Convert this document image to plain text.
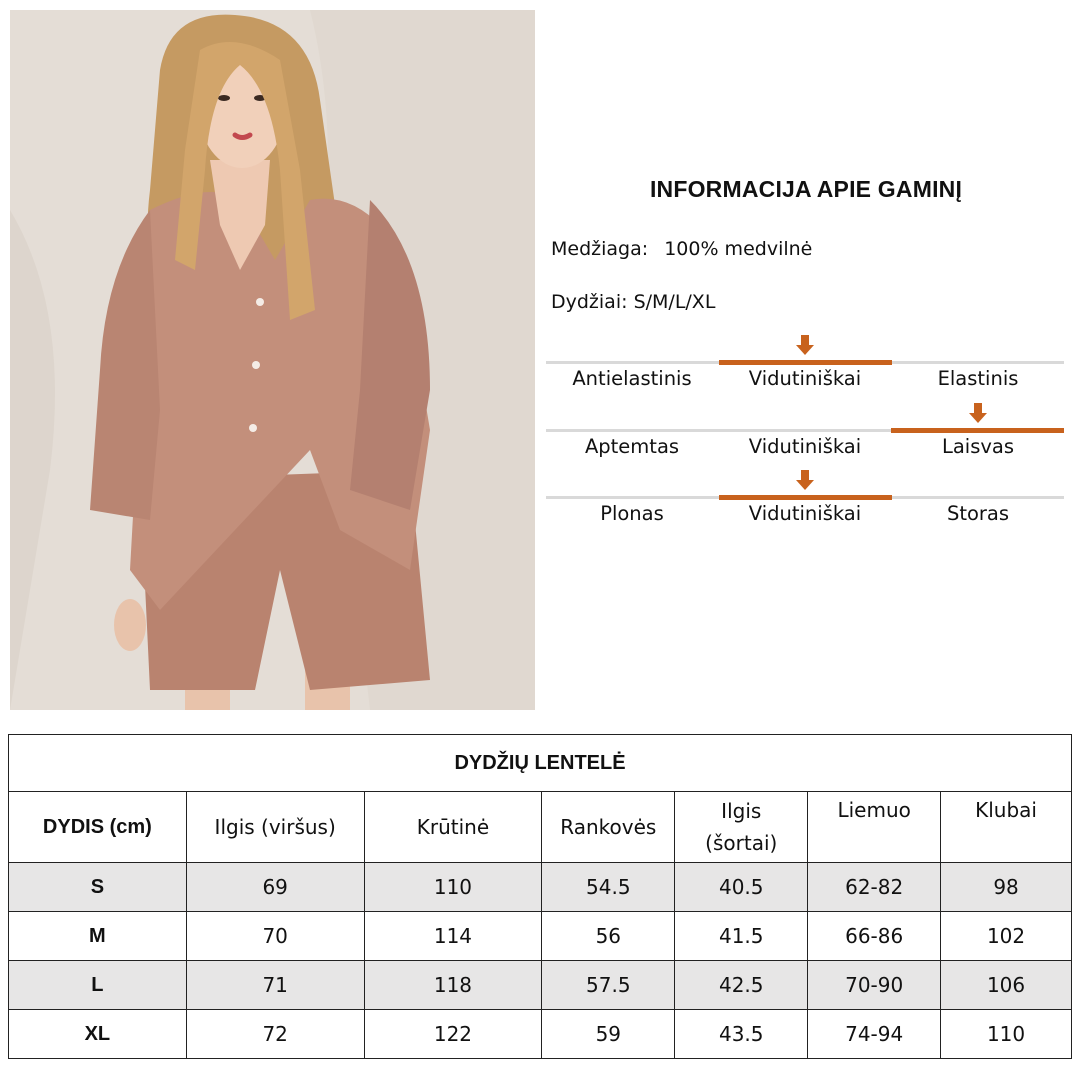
INFORMACIJA APIE GAMINĮ
Medžiaga: 100% medvilnė
Dydžiai: S/M/L/XL
Antielastinis	Vidutiniškai	Elastinis
Aptemtas	Vidutiniškai	Laisvas
Plonas	Vidutiniškai	Storas
DYDŽIŲ LENTELĖ						
DYDIS (cm)	Ilgis (viršus)	Krūtinė	Rankovės	Ilgis (šortai)	Liemuo	Klubai
S	69	110	54.5	40.5	62-82	98
M	70	114	56	41.5	66-86	102
L	71	118	57.5	42.5	70-90	106
XL	72	122	59	43.5	74-94	110
